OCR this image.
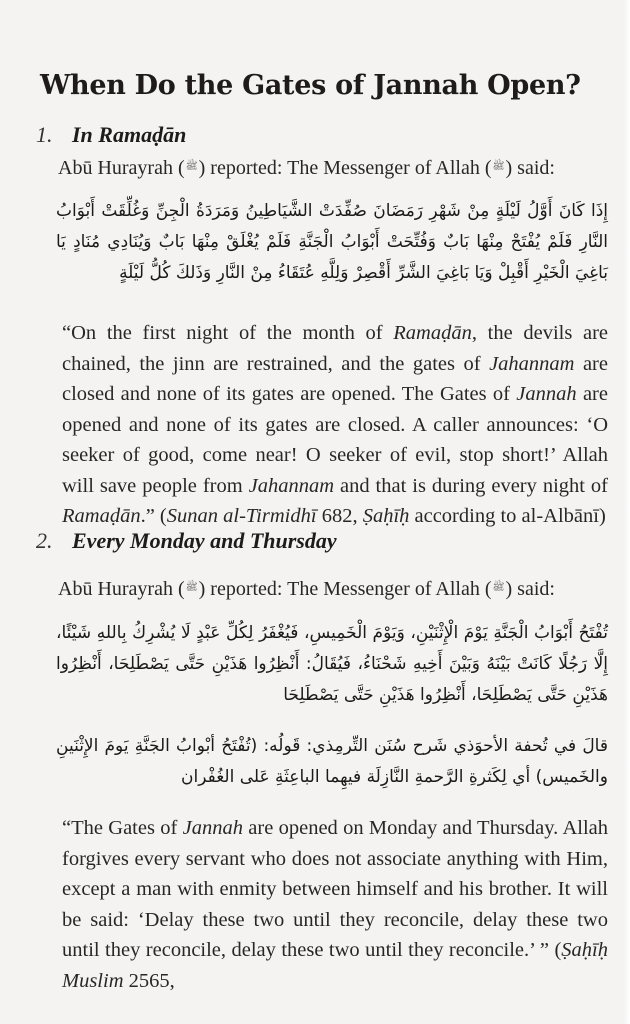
When Do the Gates of Jannah Open?
1. In Ramaḍān

Abū Hurayrah (ﷺ) reported: The Messenger of Allah (ﷺ) said:

إِذَا كَانَ أَوَّلُ لَيْلَةٍ مِنْ شَهْرِ رَمَضَانَ صُفِّدَتْ الشَّيَاطِينُ وَمَرَدَةُ الْجِنِّ وَغُلِّقَتْ أَبْوَابُ النَّارِ فَلَمْ يُفْتَحْ مِنْهَا بَابٌ وَفُتِّحَتْ أَبْوَابُ الْجَنَّةِ فَلَمْ يُغْلَقْ مِنْهَا بَابٌ وَيُنَادِي مُنَادٍ يَا بَاغِيَ الْخَيْرِ أَقْبِلْ وَيَا بَاغِيَ الشَّرِّ أَقْصِرْ وَلِلَّهِ عُتَقَاءُ مِنْ النَّارِ وَذَلكَ كُلُّ لَيْلَةٍ

“On the first night of the month of Ramaḍān, the devils are chained, the jinn are restrained, and the gates of Jahannam are closed and none of its gates are opened. The Gates of Jannah are opened and none of its gates are closed. A caller announces: ‘O seeker of good, come near! O seeker of evil, stop short!’ Allah will save people from Jahannam and that is during every night of Ramaḍān.” (Sunan al-Tirmidhī 682, Ṣaḥīḥ according to al-Albānī)

2. Every Monday and Thursday

Abū Hurayrah (ﷺ) reported: The Messenger of Allah (ﷺ) said:

تُفْتَحُ أَبْوَابُ الْجَنَّةِ يَوْمَ الْإِثْنَيْنِ، وَيَوْمَ الْخَمِيسِ، فَيُغْفَرُ لِكُلِّ عَبْدٍ لَا يُشْرِكُ بِاللهِ شَيْئًا، إِلَّا رَجُلًا كَانَتْ بَيْنَهُ وَبَيْنَ أَخِيهِ شَحْنَاءُ، فَيُقَالُ: أَنْظِرُوا هَذَيْنِ حَتَّى يَصْطَلِحَا، أَنْظِرُوا هَذَيْنِ حَتَّى يَصْطَلِحَا، أَنْظِرُوا هَذَيْنِ حَتَّى يَصْطَلِحَا

قالَ في تُحفة الأحوَذي شَرح سُنَن التِّرمِذي: قَولُه: (تُفْتَحُ أبْوابُ الجَنَّةِ يَومَ الإِثْنَينِ والخَميس) أي لِكَثرةِ الرَّحمةِ النَّازِلَة فيهِما الباعِثَةِ عَلى الغُفْران

“The Gates of Jannah are opened on Monday and Thursday. Allah forgives every servant who does not associate anything with Him, except a man with enmity between himself and his brother. It will be said: ‘Delay these two until they reconcile, delay these two until they reconcile, delay these two until they reconcile.’ ” (Ṣaḥīḥ Muslim 2565,
